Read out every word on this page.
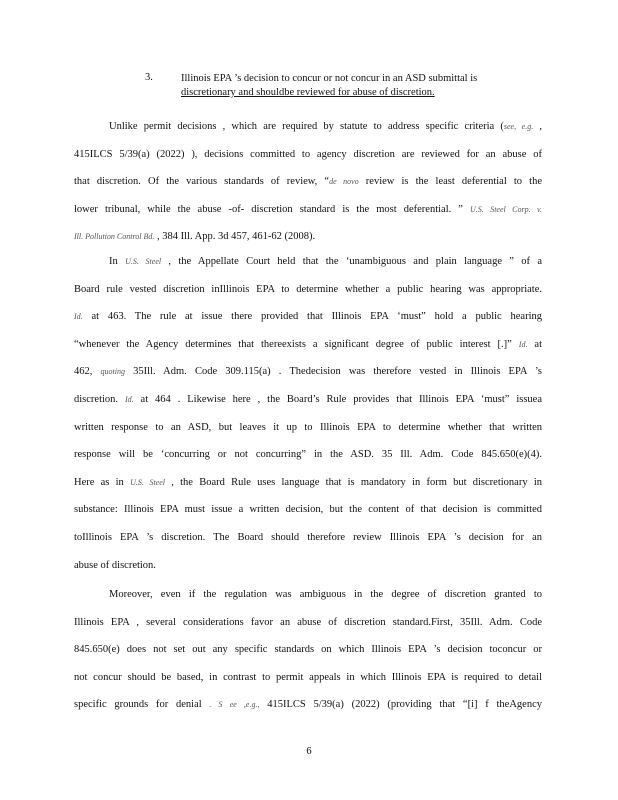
3.	Illinois EPA ’s decision to concur or not concur in an ASD submittal is
discretionary and shouldbe reviewed for abuse of discretion.
Unlike permit decisions , which are required by statute to address specific criteria (see, e.g. ,
415ILCS 5/39(a) (2022) ), decisions committed to agency discretion are reviewed for an abuse of
that discretion. Of the various standards of review, “de novo review is the least deferential to the
lower tribunal, while the abuse -of- discretion standard is the most deferential. ” U.S. Steel Corp. v.
Ill. Pollution Control Bd. , 384 Ill. App. 3d 457, 461-62 (2008).
In U.S. Steel , the Appellate Court held that the ‘unambiguous and plain language ” of a
Board rule vested discretion inIllinois EPA to determine whether a public hearing was appropriate.
Id. at 463. The rule at issue there provided that Illinois EPA ‘must” hold a public hearing
“whenever the Agency determines that thereexists a significant degree of public interest [.]” Id. at
462, quoting 35Ill. Adm. Code 309.115(a) . Thedecision was therefore vested in Illinois EPA ’s
discretion. Id. at 464 . Likewise here , the Board’s Rule provides that Illinois EPA ‘must” issuea
written response to an ASD, but leaves it up to Illinois EPA to determine whether that written
response will be ‘concurring or not concurring” in the ASD. 35 Ill. Adm. Code 845.650(e)(4).
Here as in U.S. Steel , the Board Rule uses language that is mandatory in form but discretionary in
substance: Illinois EPA must issue a written decision, but the content of that decision is committed
toIllinois EPA ’s discretion. The Board should therefore review Illinois EPA ’s decision for an
abuse of discretion.
Moreover, even if the regulation was ambiguous in the degree of discretion granted to
Illinois EPA , several considerations favor an abuse of discretion standard.First, 35Ill. Adm. Code
845.650(e) does not set out any specific standards on which Illinois EPA ’s decision toconcur or
not concur should be based, in contrast to permit appeals in which Illinois EPA is required to detail
specific grounds for denial . S ee ,e.g., 415ILCS 5/39(a) (2022) (providing that “[i] f theAgency
6
